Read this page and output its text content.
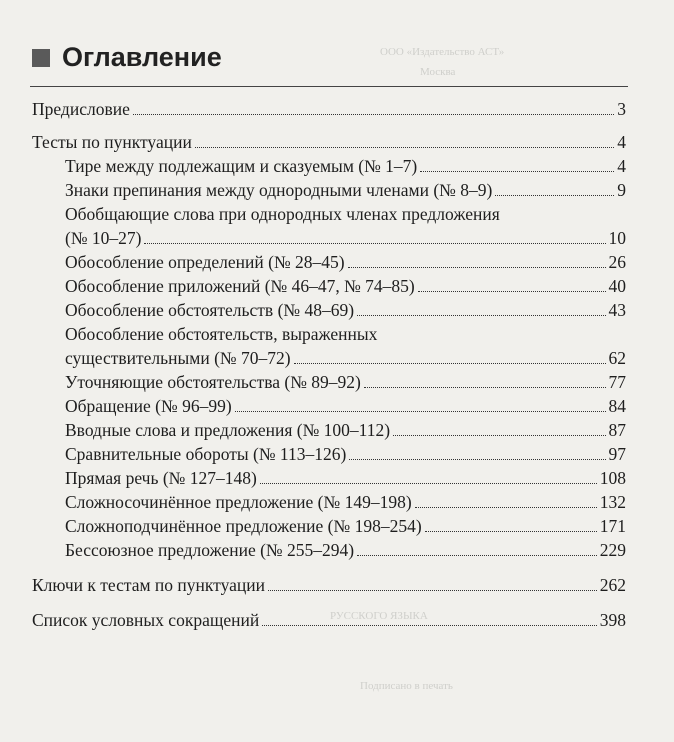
ООО «Издательство АСТ»
Москва
РУССКОГО ЯЗЫКА
Подписано в печать
Оглавление
Предисловие	3
Тесты по пунктуации	4
Тире между подлежащим и сказуемым (№ 1–7)	4
Знаки препинания между однородными членами (№ 8–9)	9
Обобщающие слова при однородных членах предложения
(№ 10–27)	10
Обособление определений (№ 28–45)	26
Обособление приложений (№ 46–47, № 74–85)	40
Обособление обстоятельств (№ 48–69)	43
Обособление обстоятельств, выраженных
существительными (№ 70–72)	62
Уточняющие обстоятельства (№ 89–92)	77
Обращение (№ 96–99)	84
Вводные слова и предложения (№ 100–112)	87
Сравнительные обороты (№ 113–126)	97
Прямая речь (№ 127–148)	108
Сложносочинённое предложение (№ 149–198)	132
Сложноподчинённое предложение (№ 198–254)	171
Бессоюзное предложение (№ 255–294)	229
Ключи к тестам по пунктуации	262
Список условных сокращений	398
